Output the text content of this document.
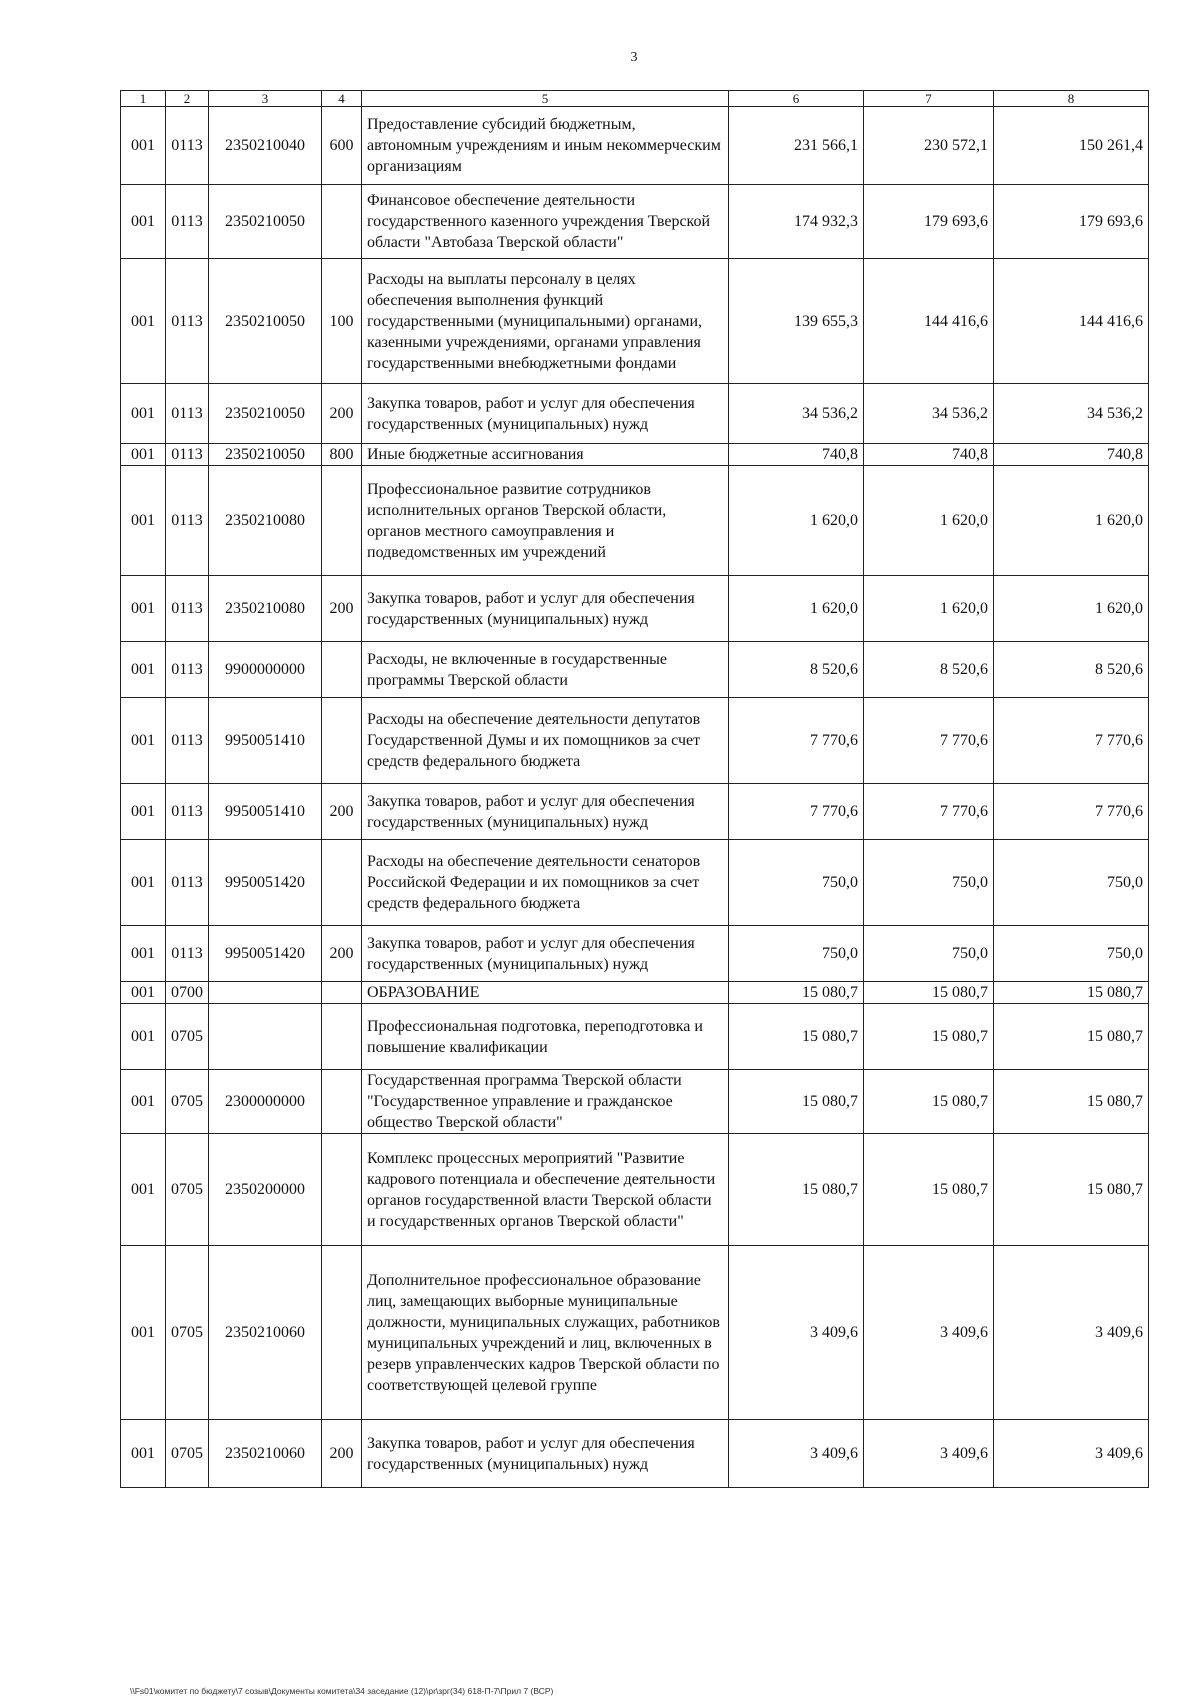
3
1	2	3	4	5	6	7	8
001	0113	2350210040	600	Предоставление субсидий бюджетным, автономным учреждениям и иным некоммерческим организациям	231 566,1	230 572,1	150 261,4
001	0113	2350210050		Финансовое обеспечение деятельности государственного казенного учреждения Тверской области "Автобаза Тверской области"	174 932,3	179 693,6	179 693,6
001	0113	2350210050	100	Расходы на выплаты персоналу в целях обеспечения выполнения функций государственными (муниципальными) органами, казенными учреждениями, органами управления государственными внебюджетными фондами	139 655,3	144 416,6	144 416,6
001	0113	2350210050	200	Закупка товаров, работ и услуг для обеспечения государственных (муниципальных) нужд	34 536,2	34 536,2	34 536,2
001	0113	2350210050	800	Иные бюджетные ассигнования	740,8	740,8	740,8
001	0113	2350210080		Профессиональное развитие сотрудников исполнительных органов Тверской области, органов местного самоуправления и подведомственных им учреждений	1 620,0	1 620,0	1 620,0
001	0113	2350210080	200	Закупка товаров, работ и услуг для обеспечения государственных (муниципальных) нужд	1 620,0	1 620,0	1 620,0
001	0113	9900000000		Расходы, не включенные в государственные программы Тверской области	8 520,6	8 520,6	8 520,6
001	0113	9950051410		Расходы на обеспечение деятельности депутатов Государственной Думы и их помощников за счет средств федерального бюджета	7 770,6	7 770,6	7 770,6
001	0113	9950051410	200	Закупка товаров, работ и услуг для обеспечения государственных (муниципальных) нужд	7 770,6	7 770,6	7 770,6
001	0113	9950051420		Расходы на обеспечение деятельности сенаторов Российской Федерации и их помощников за счет средств федерального бюджета	750,0	750,0	750,0
001	0113	9950051420	200	Закупка товаров, работ и услуг для обеспечения государственных (муниципальных) нужд	750,0	750,0	750,0
001	0700			ОБРАЗОВАНИЕ	15 080,7	15 080,7	15 080,7
001	0705			Профессиональная подготовка, переподготовка и повышение квалификации	15 080,7	15 080,7	15 080,7
001	0705	2300000000		Государственная программа Тверской области "Государственное управление и гражданское общество Тверской области"	15 080,7	15 080,7	15 080,7
001	0705	2350200000		Комплекс процессных мероприятий "Развитие кадрового потенциала и обеспечение деятельности органов государственной власти Тверской области и государственных органов Тверской области"	15 080,7	15 080,7	15 080,7
001	0705	2350210060		Дополнительное профессиональное образование лиц, замещающих выборные муниципальные должности, муниципальных служащих, работников муниципальных учреждений и лиц, включенных в резерв управленческих кадров Тверской области по соответствующей целевой группе	3 409,6	3 409,6	3 409,6
001	0705	2350210060	200	Закупка товаров, работ и услуг для обеспечения государственных (муниципальных) нужд	3 409,6	3 409,6	3 409,6
\\Fs01\комитет по бюджету\7 созыв\Документы комитета\34 заседание (12)\pr\зрг(34) 618-П-7\Прил 7 (ВСР)
